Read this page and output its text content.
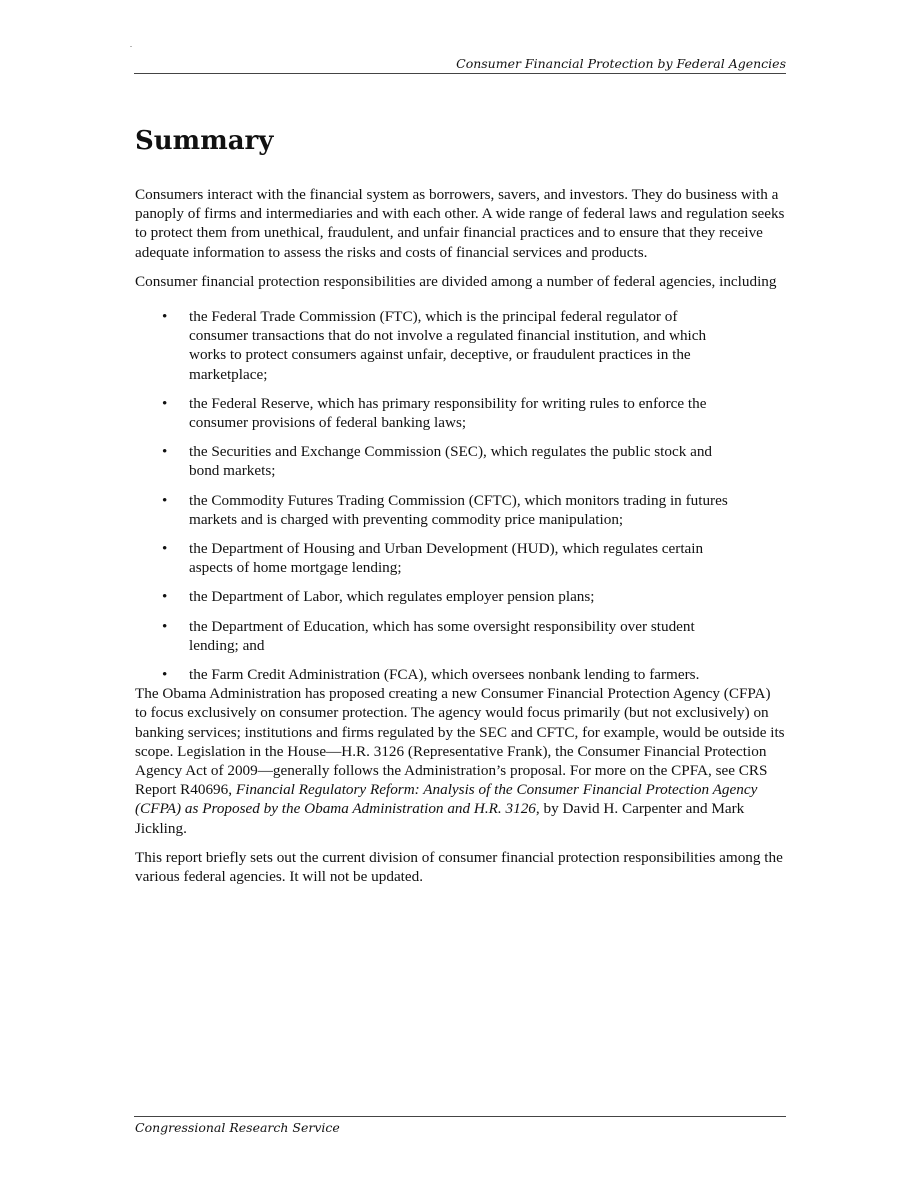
.
Consumer Financial Protection by Federal Agencies
Summary

Consumers interact with the financial system as borrowers, savers, and investors. They do business with a panoply of firms and intermediaries and with each other. A wide range of federal laws and regulation seeks to protect them from unethical, fraudulent, and unfair financial practices and to ensure that they receive adequate information to assess the risks and costs of financial services and products.

Consumer financial protection responsibilities are divided among a number of federal agencies, including

• the Federal Trade Commission (FTC), which is the principal federal regulator of consumer transactions that do not involve a regulated financial institution, and which works to protect consumers against unfair, deceptive, or fraudulent practices in the marketplace;
• the Federal Reserve, which has primary responsibility for writing rules to enforce the consumer provisions of federal banking laws;
• the Securities and Exchange Commission (SEC), which regulates the public stock and bond markets;
• the Commodity Futures Trading Commission (CFTC), which monitors trading in futures markets and is charged with preventing commodity price manipulation;
• the Department of Housing and Urban Development (HUD), which regulates certain aspects of home mortgage lending;
• the Department of Labor, which regulates employer pension plans;
• the Department of Education, which has some oversight responsibility over student lending; and
• the Farm Credit Administration (FCA), which oversees nonbank lending to farmers.

The Obama Administration has proposed creating a new Consumer Financial Protection Agency (CFPA) to focus exclusively on consumer protection. The agency would focus primarily (but not exclusively) on banking services; institutions and firms regulated by the SEC and CFTC, for example, would be outside its scope. Legislation in the House—H.R. 3126 (Representative Frank), the Consumer Financial Protection Agency Act of 2009—generally follows the Administration’s proposal. For more on the CPFA, see CRS Report R40696, Financial Regulatory Reform: Analysis of the Consumer Financial Protection Agency (CFPA) as Proposed by the Obama Administration and H.R. 3126, by David H. Carpenter and Mark Jickling.

This report briefly sets out the current division of consumer financial protection responsibilities among the various federal agencies. It will not be updated.

Congressional Research Service
